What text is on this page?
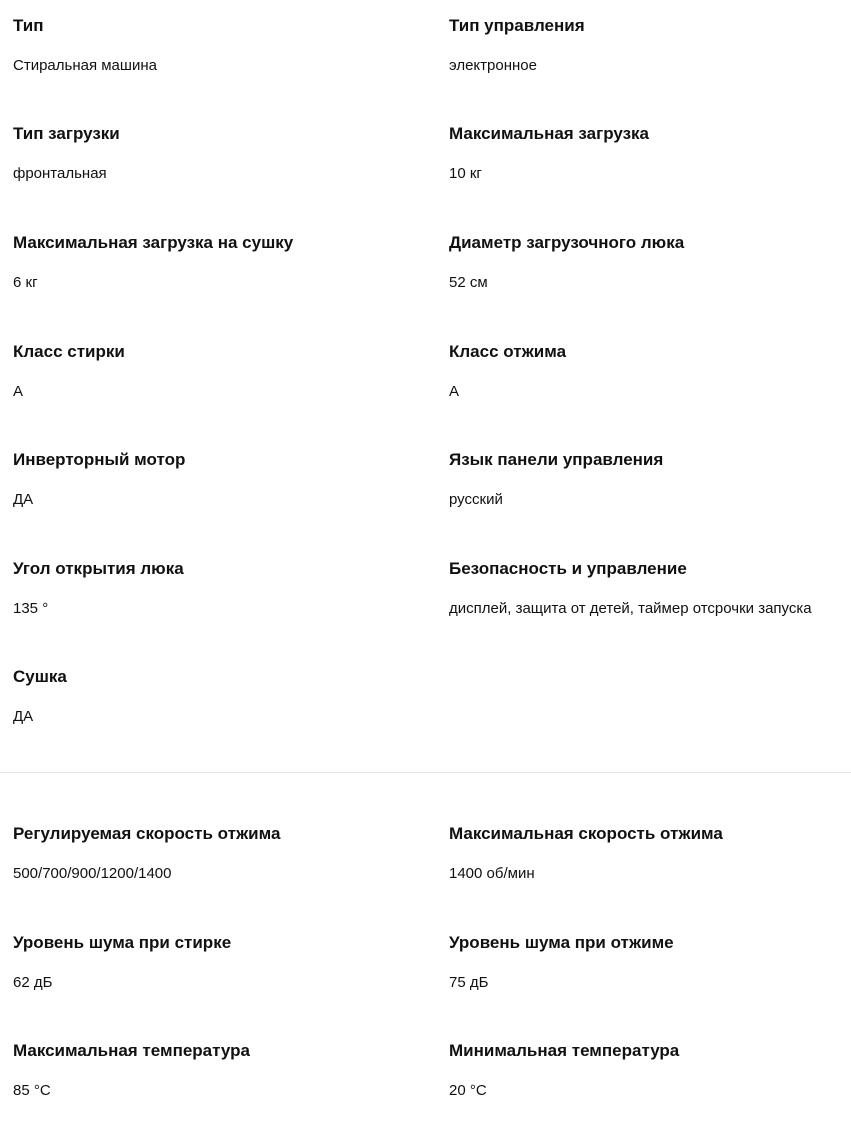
Тип
Стиральная машина
Тип управления
электронное
Тип загрузки
фронтальная
Максимальная загрузка
10 кг
Максимальная загрузка на сушку
6 кг
Диаметр загрузочного люка
52 см
Класс стирки
A
Класс отжима
A
Инверторный мотор
ДА
Язык панели управления
русский
Угол открытия люка
135 °
Безопасность и управление
дисплей, защита от детей, таймер отсрочки запуска
Сушка
ДА
Регулируемая скорость отжима
500/700/900/1200/1400
Максимальная скорость отжима
1400 об/мин
Уровень шума при стирке
62 дБ
Уровень шума при отжиме
75 дБ
Максимальная температура
85 °C
Минимальная температура
20 °C
